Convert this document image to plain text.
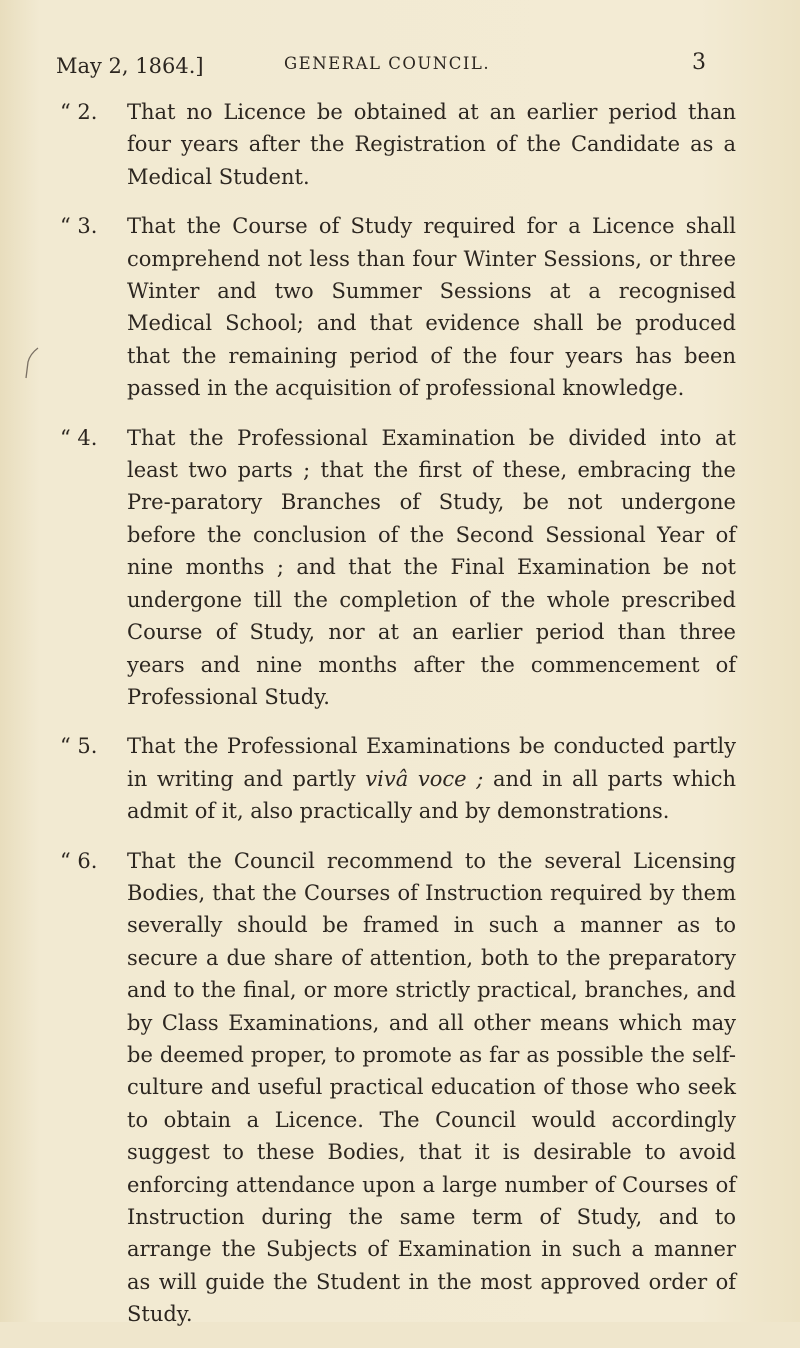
May 2, 1864.]	GENERAL COUNCIL.	3
“ 2.	That no Licence be obtained at an earlier period than four years after the Registration of the Candidate as a Medical Student.
“ 3.	That the Course of Study required for a Licence shall comprehend not less than four Winter Sessions, or three Winter and two Summer Sessions at a recognised Medical School; and that evidence shall be produced that the remaining period of the four years has been passed in the acquisition of professional knowledge.
“ 4.	That the Professional Examination be divided into at least two parts ; that the first of these, embracing the Pre-paratory Branches of Study, be not undergone before the conclusion of the Second Sessional Year of nine months ; and that the Final Examination be not undergone till the completion of the whole prescribed Course of Study, nor at an earlier period than three years and nine months after the commencement of Professional Study.
“ 5.	That the Professional Examinations be conducted partly in writing and partly vivâ voce ; and in all parts which admit of it, also practically and by demonstrations.
“ 6.	That the Council recommend to the several Licensing Bodies, that the Courses of Instruction required by them severally should be framed in such a manner as to secure a due share of attention, both to the preparatory and to the final, or more strictly practical, branches, and by Class Examinations, and all other means which may be deemed proper, to promote as far as possible the self-culture and useful practical education of those who seek to obtain a Licence. The Council would accordingly suggest to these Bodies, that it is desirable to avoid enforcing attendance upon a large number of Courses of Instruction during the same term of Study, and to arrange the Subjects of Examination in such a manner as will guide the Student in the most approved order of Study.
